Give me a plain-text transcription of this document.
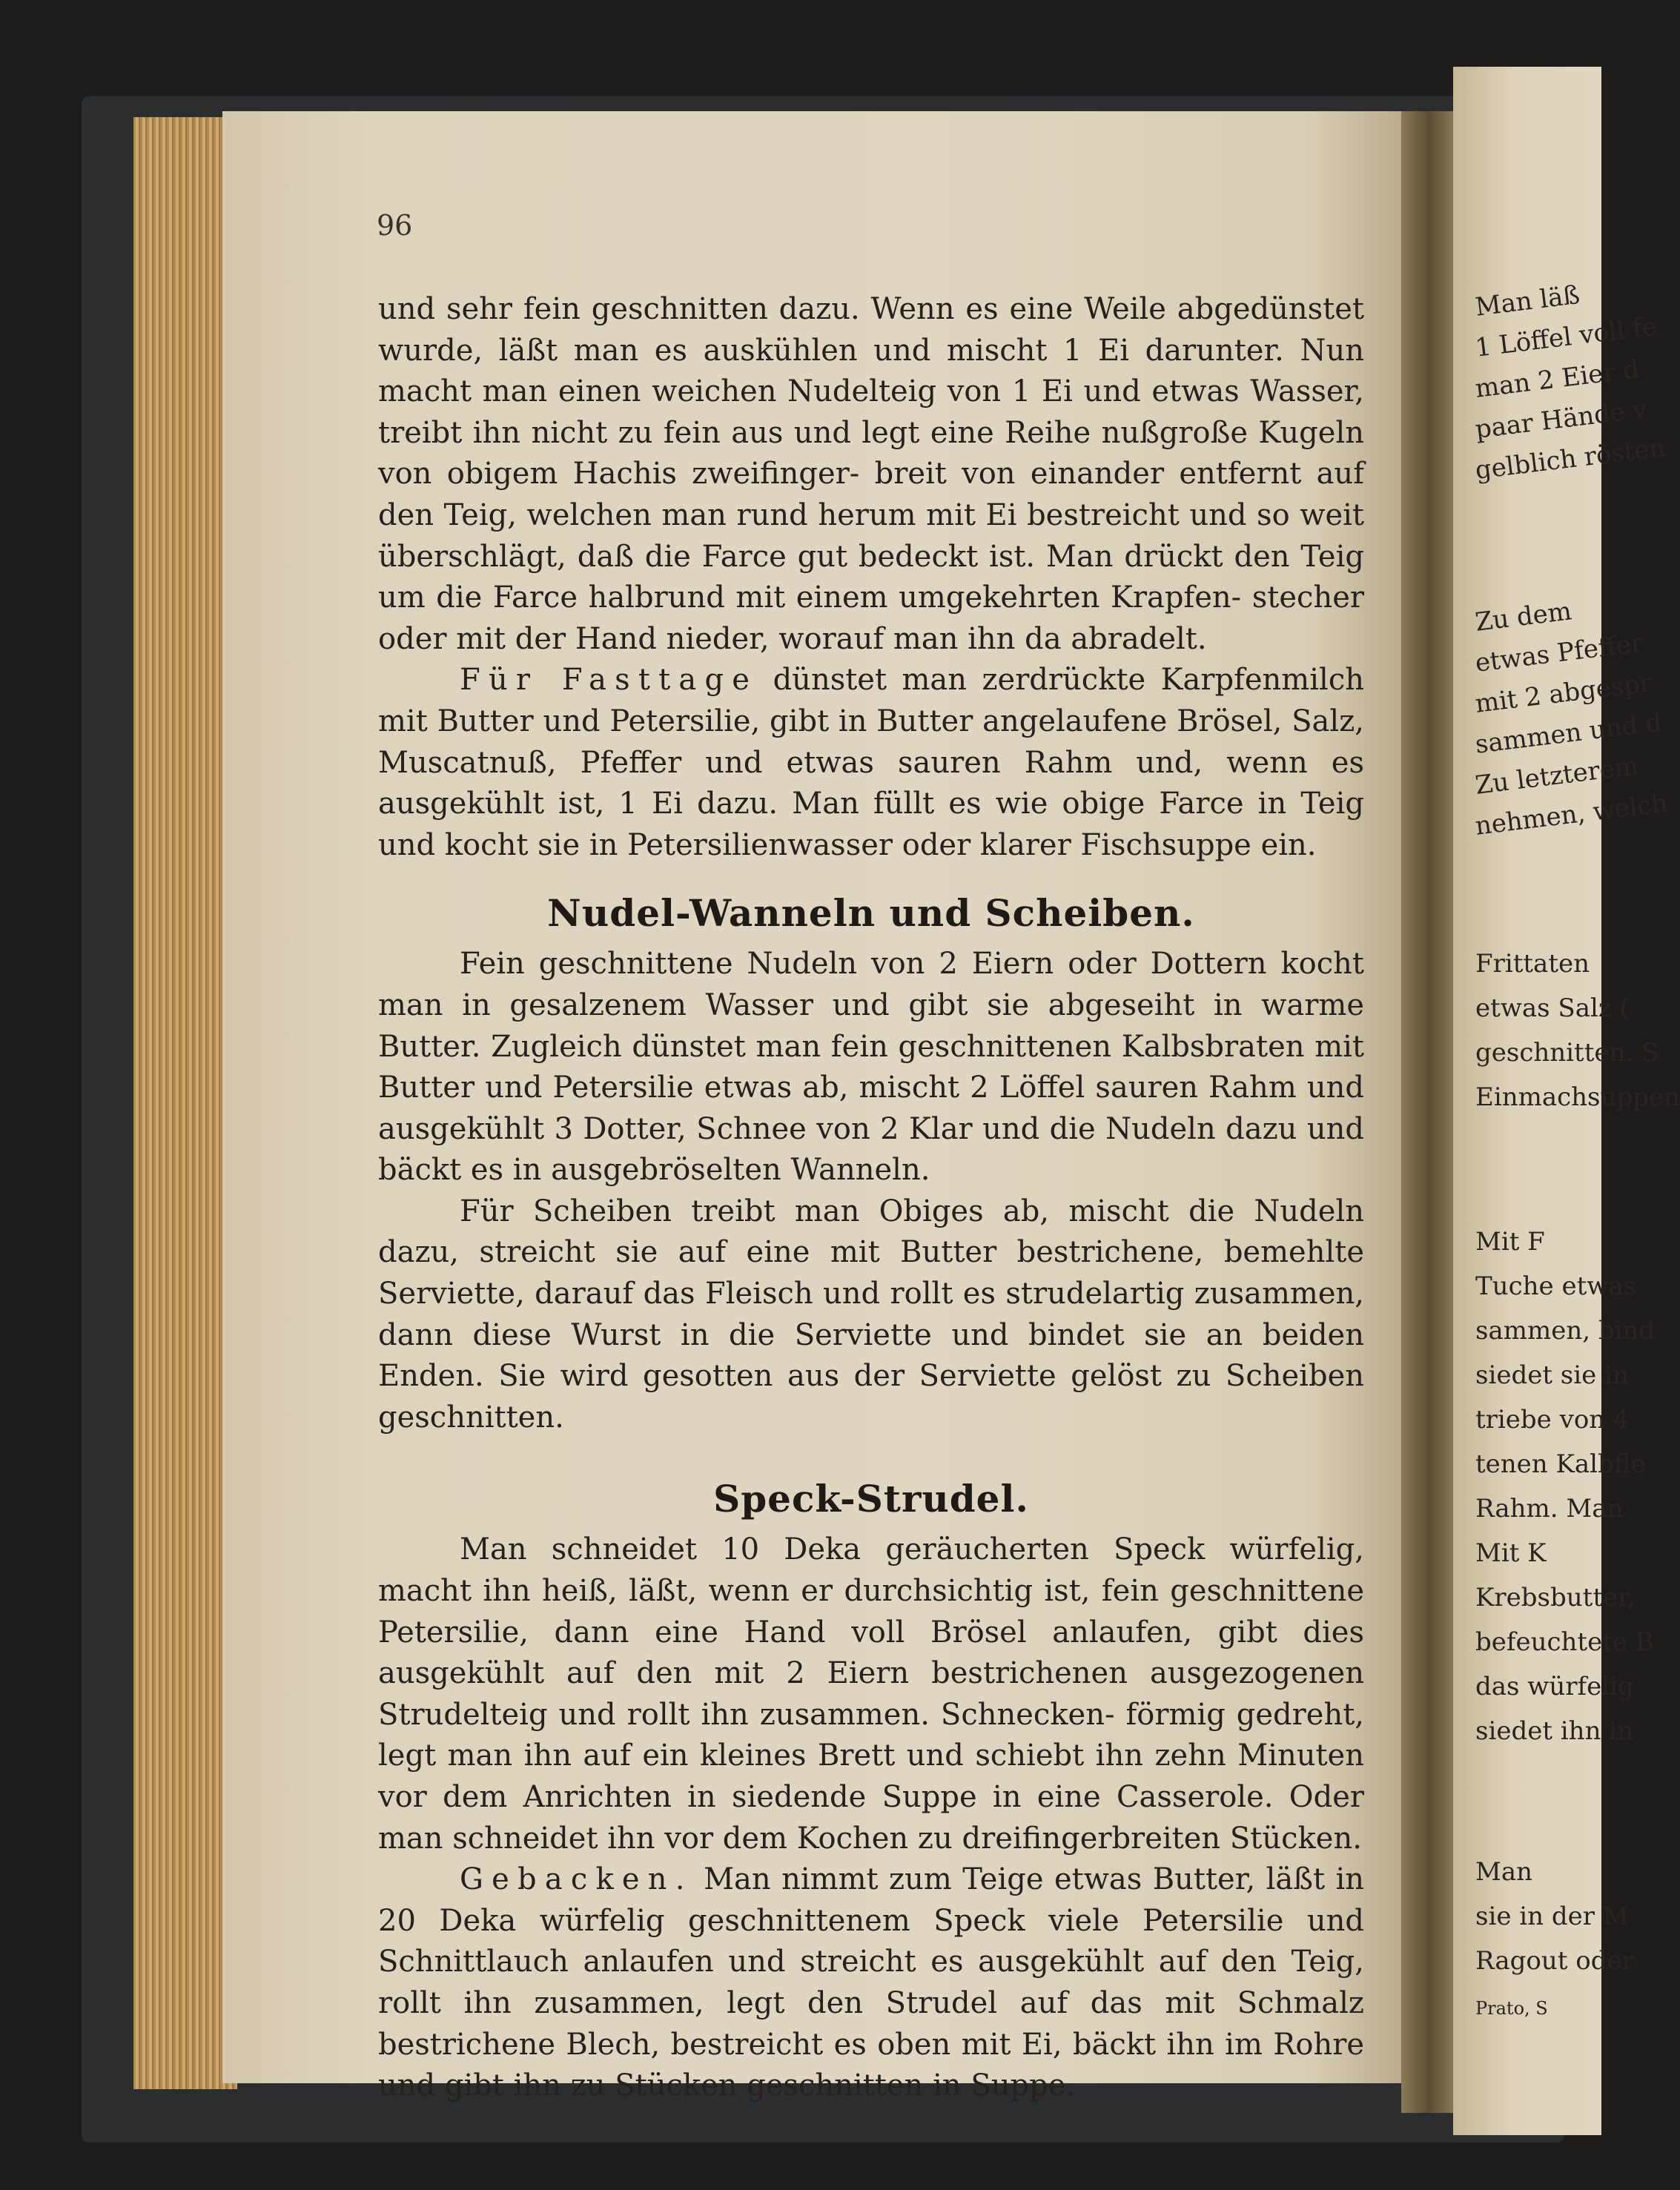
Man läß
1 Löffel voll fe
man 2 Eier d
paar Hände v
gelblich rösten
Zu dem
etwas Pfeffer
mit 2 abgespr
sammen und d
Zu letzterem
nehmen, welch
Frittaten
etwas Salz (
geschnitten. S
Einmachsuppen
Mit F
Tuche etwas
sammen, bind
siedet sie in
triebe von 4
tenen Kalbfle
Rahm. Man
Mit K
Krebsbutter,
befeuchtete B
das würfelig
siedet ihn in
Man
sie in der M
Ragout oder
Prato, S
96

und sehr fein geschnitten dazu. Wenn es eine Weile abgedünstet wurde, läßt man es auskühlen und mischt 1 Ei darunter. Nun macht man einen weichen Nudelteig von 1 Ei und etwas Wasser, treibt ihn nicht zu fein aus und legt eine Reihe nußgroße Kugeln von obigem Hachis zweifinger- breit von einander entfernt auf den Teig, welchen man rund herum mit Ei bestreicht und so weit überschlägt, daß die Farce gut bedeckt ist. Man drückt den Teig um die Farce halbrund mit einem umgekehrten Krapfen- stecher oder mit der Hand nieder, worauf man ihn da abradelt.

Für Fasttage dünstet man zerdrückte Karpfenmilch mit Butter und Petersilie, gibt in Butter angelaufene Brösel, Salz, Muscatnuß, Pfeffer und etwas sauren Rahm und, wenn es ausgekühlt ist, 1 Ei dazu. Man füllt es wie obige Farce in Teig und kocht sie in Petersilienwasser oder klarer Fischsuppe ein.

Nudel-Wanneln und Scheiben.

Fein geschnittene Nudeln von 2 Eiern oder Dottern kocht man in gesalzenem Wasser und gibt sie abgeseiht in warme Butter. Zugleich dünstet man fein geschnittenen Kalbsbraten mit Butter und Petersilie etwas ab, mischt 2 Löffel sauren Rahm und ausgekühlt 3 Dotter, Schnee von 2 Klar und die Nudeln dazu und bäckt es in ausgebröselten Wanneln.

Für Scheiben treibt man Obiges ab, mischt die Nudeln dazu, streicht sie auf eine mit Butter bestrichene, bemehlte Serviette, darauf das Fleisch und rollt es strudelartig zusammen, dann diese Wurst in die Serviette und bindet sie an beiden Enden. Sie wird gesotten aus der Serviette gelöst zu Scheiben geschnitten.

Speck-Strudel.

Man schneidet 10 Deka geräucherten Speck würfelig, macht ihn heiß, läßt, wenn er durchsichtig ist, fein geschnittene Petersilie, dann eine Hand voll Brösel anlaufen, gibt dies ausgekühlt auf den mit 2 Eiern bestrichenen ausgezogenen Strudelteig und rollt ihn zusammen. Schnecken- förmig gedreht, legt man ihn auf ein kleines Brett und schiebt ihn zehn Minuten vor dem Anrichten in siedende Suppe in eine Casserole. Oder man schneidet ihn vor dem Kochen zu dreifingerbreiten Stücken.

Gebacken. Man nimmt zum Teige etwas Butter, läßt in 20 Deka würfelig geschnittenem Speck viele Petersilie und Schnittlauch anlaufen und streicht es ausgekühlt auf den Teig, rollt ihn zusammen, legt den Strudel auf das mit Schmalz bestrichene Blech, bestreicht es oben mit Ei, bäckt ihn im Rohre und gibt ihn zu Stücken geschnitten in Suppe.
